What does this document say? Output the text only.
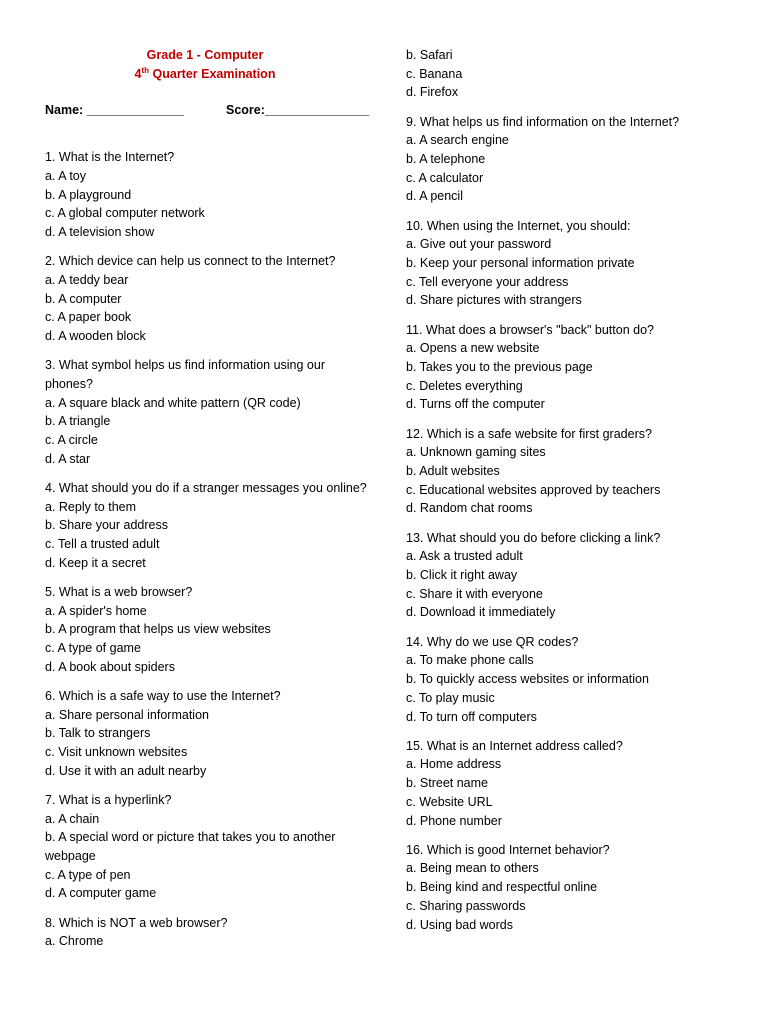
Grade 1 - Computer
4th Quarter Examination
Name: ______________	Score:_______________
1. What is the Internet?
a. A toy
b. A playground
c. A global computer network
d. A television show
2. Which device can help us connect to the Internet?
a. A teddy bear
b. A computer
c. A paper book
d. A wooden block
3. What symbol helps us find information using our phones?
a. A square black and white pattern (QR code)
b. A triangle
c. A circle
d. A star
4. What should you do if a stranger messages you online?
a. Reply to them
b. Share your address
c. Tell a trusted adult
d. Keep it a secret
5. What is a web browser?
a. A spider's home
b. A program that helps us view websites
c. A type of game
d. A book about spiders
6. Which is a safe way to use the Internet?
a. Share personal information
b. Talk to strangers
c. Visit unknown websites
d. Use it with an adult nearby
7. What is a hyperlink?
a. A chain
b. A special word or picture that takes you to another webpage
c. A type of pen
d. A computer game
8. Which is NOT a web browser?
a. Chrome
b. Safari
c. Banana
d. Firefox
9. What helps us find information on the Internet?
a. A search engine
b. A telephone
c. A calculator
d. A pencil
10. When using the Internet, you should:
a. Give out your password
b. Keep your personal information private
c. Tell everyone your address
d. Share pictures with strangers
11. What does a browser's "back" button do?
a. Opens a new website
b. Takes you to the previous page
c. Deletes everything
d. Turns off the computer
12. Which is a safe website for first graders?
a. Unknown gaming sites
b. Adult websites
c. Educational websites approved by teachers
d. Random chat rooms
13. What should you do before clicking a link?
a. Ask a trusted adult
b. Click it right away
c. Share it with everyone
d. Download it immediately
14. Why do we use QR codes?
a. To make phone calls
b. To quickly access websites or information
c. To play music
d. To turn off computers
15. What is an Internet address called?
a. Home address
b. Street name
c. Website URL
d. Phone number
16. Which is good Internet behavior?
a. Being mean to others
b. Being kind and respectful online
c. Sharing passwords
d. Using bad words
